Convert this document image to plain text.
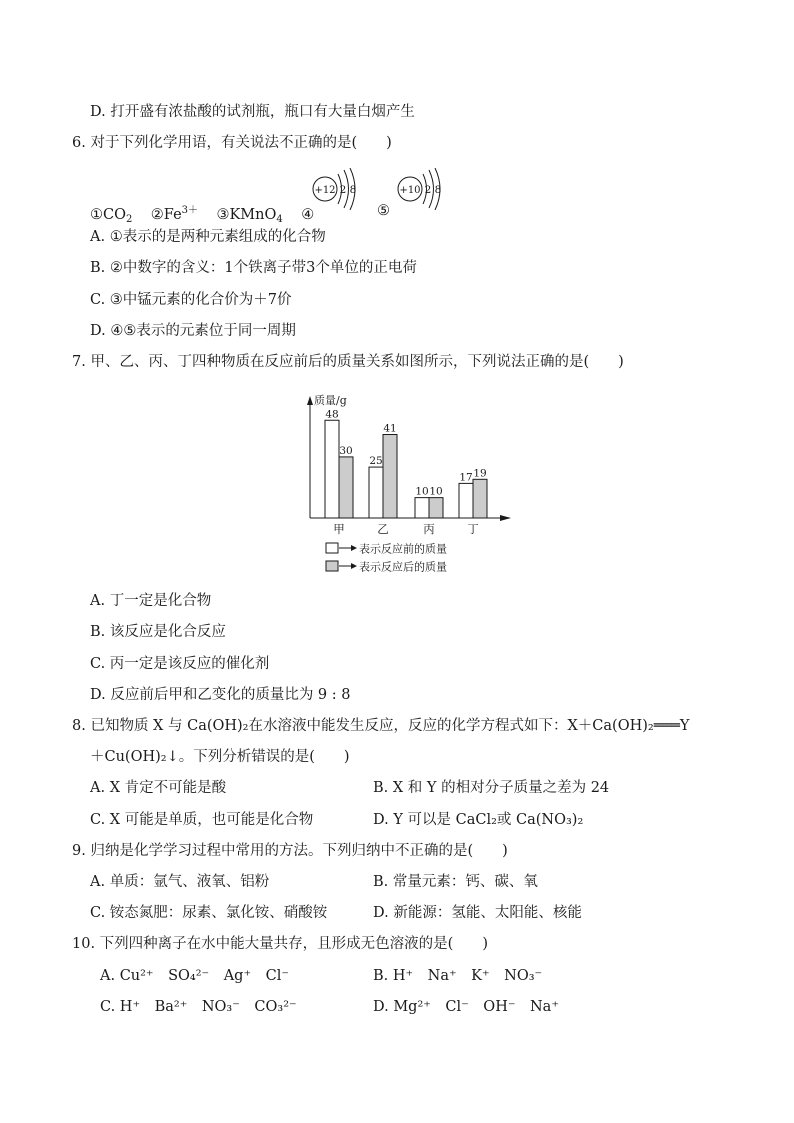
D. 打开盛有浓盐酸的试剂瓶，瓶口有大量白烟产生
6. 对于下列化学用语，有关说法不正确的是(　　)
$①CO_2$ $②Fe^{3+}$ ③KMnO$_4$ ④	⑤
+12 2 8	+10 2 8
A. ①表示的是两种元素组成的化合物
B. ②中数字的含义：1个铁离子带3个单位的正电荷
C. ③中锰元素的化合价为＋7价
D. ④⑤表示的元素位于同一周期
7. 甲、乙、丙、丁四种物质在反应前后的质量关系如图所示，下列说法正确的是(　　)
质量/g
48
30
甲
25
41
乙
10 10
丙
17 19
丁
表示反应前的质量
表示反应后的质量
A. 丁一定是化合物
B. 该反应是化合反应
C. 丙一定是该反应的催化剂
D. 反应前后甲和乙变化的质量比为 9 : 8
8. 已知物质 X 与 Ca(OH)₂在水溶液中能发生反应，反应的化学方程式如下：X＋Ca(OH)₂═══Y
＋Cu(OH)₂↓。下列分析错误的是(　　)
A. X 肯定不可能是酸	B. X 和 Y 的相对分子质量之差为 24
C. X 可能是单质，也可能是化合物	D. Y 可以是 CaCl₂或 Ca(NO₃)₂
9. 归纳是化学学习过程中常用的方法。下列归纳中不正确的是(　　)
A. 单质：氩气、液氧、铝粉	B. 常量元素：钙、碳、氧
C. 铵态氮肥：尿素、氯化铵、硝酸铵	D. 新能源：氢能、太阳能、核能
10. 下列四种离子在水中能大量共存，且形成无色溶液的是(　　)
A. Cu²⁺　SO₄²⁻　Ag⁺　Cl⁻	B. H⁺　Na⁺　K⁺　NO₃⁻
C. H⁺　Ba²⁺　NO₃⁻　CO₃²⁻	D. Mg²⁺　Cl⁻　OH⁻　Na⁺
